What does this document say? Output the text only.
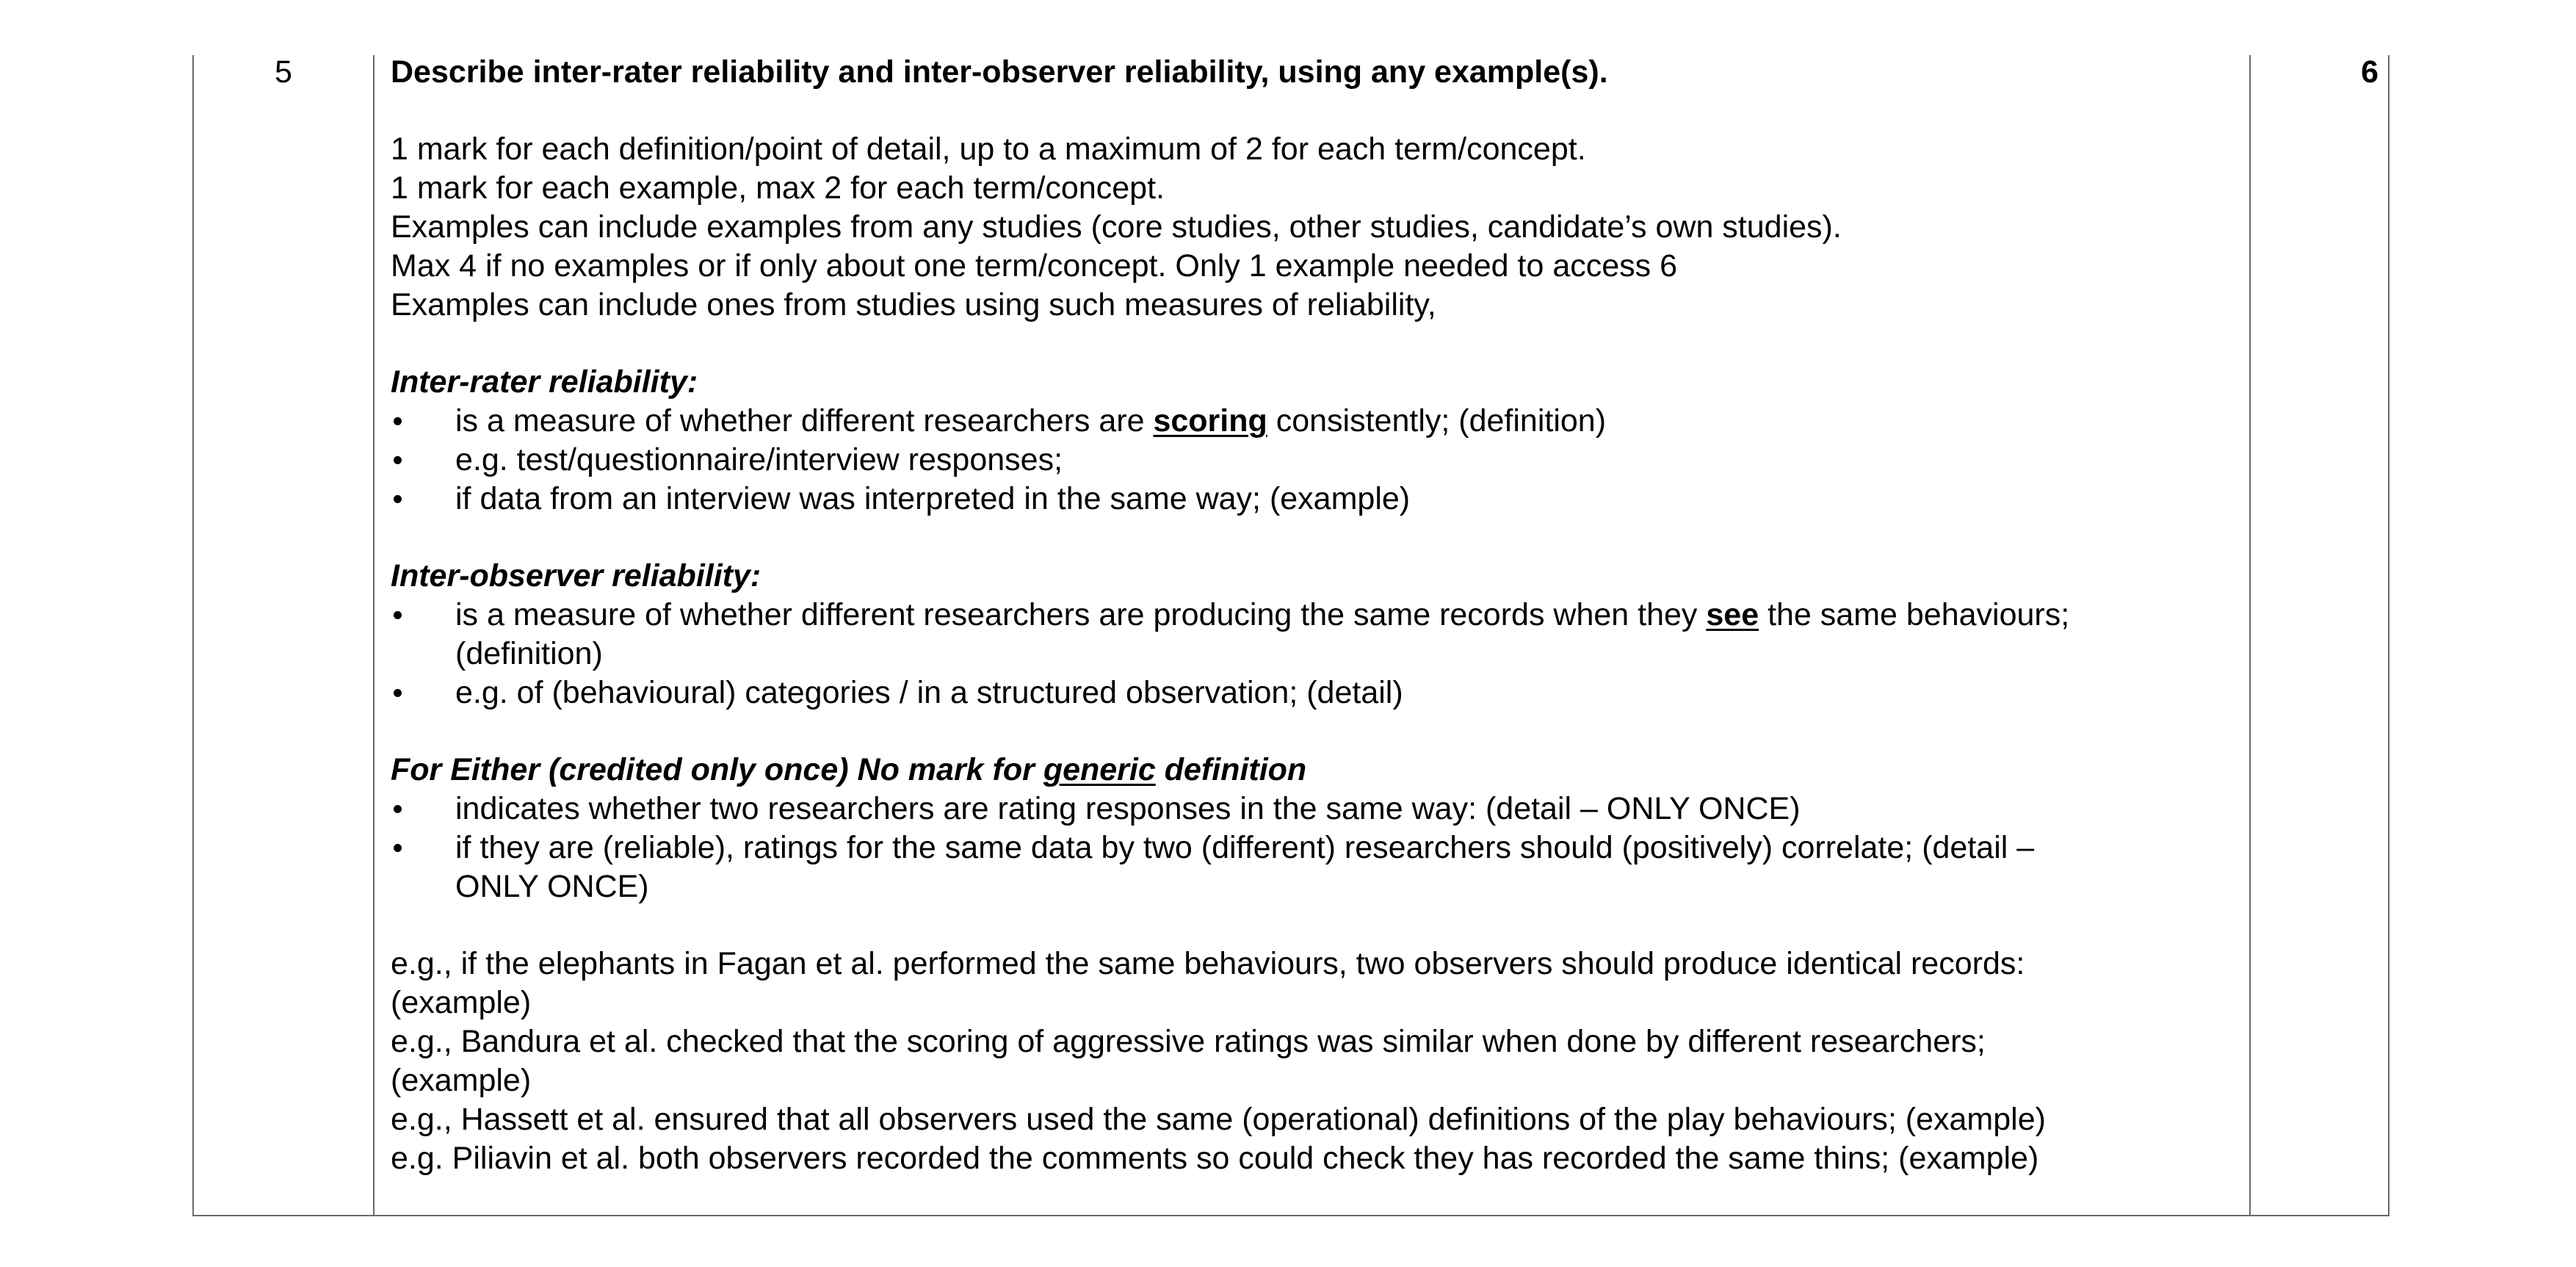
5	6
Describe inter-rater reliability and inter-observer reliability, using any example(s).
1 mark for each definition/point of detail, up to a maximum of 2 for each term/concept.
1 mark for each example, max 2 for each term/concept.
Examples can include examples from any studies (core studies, other studies, candidate’s own studies).
Max 4 if no examples or if only about one term/concept. Only 1 example needed to access 6
Examples can include ones from studies using such measures of reliability,
Inter-rater reliability:
is a measure of whether different researchers are scoring consistently; (definition)
e.g. test/questionnaire/interview responses;
if data from an interview was interpreted in the same way; (example)
Inter-observer reliability:
is a measure of whether different researchers are producing the same records when they see the same behaviours;
(definition)
e.g. of (behavioural) categories / in a structured observation; (detail)
For Either (credited only once) No mark for generic definition
indicates whether two researchers are rating responses in the same way: (detail – ONLY ONCE)
if they are (reliable), ratings for the same data by two (different) researchers should (positively) correlate; (detail –
ONLY ONCE)
e.g., if the elephants in Fagan et al. performed the same behaviours, two observers should produce identical records:
(example)
e.g., Bandura et al. checked that the scoring of aggressive ratings was similar when done by different researchers;
(example)
e.g., Hassett et al. ensured that all observers used the same (operational) definitions of the play behaviours; (example)
e.g. Piliavin et al. both observers recorded the comments so could check they has recorded the same thins; (example)
